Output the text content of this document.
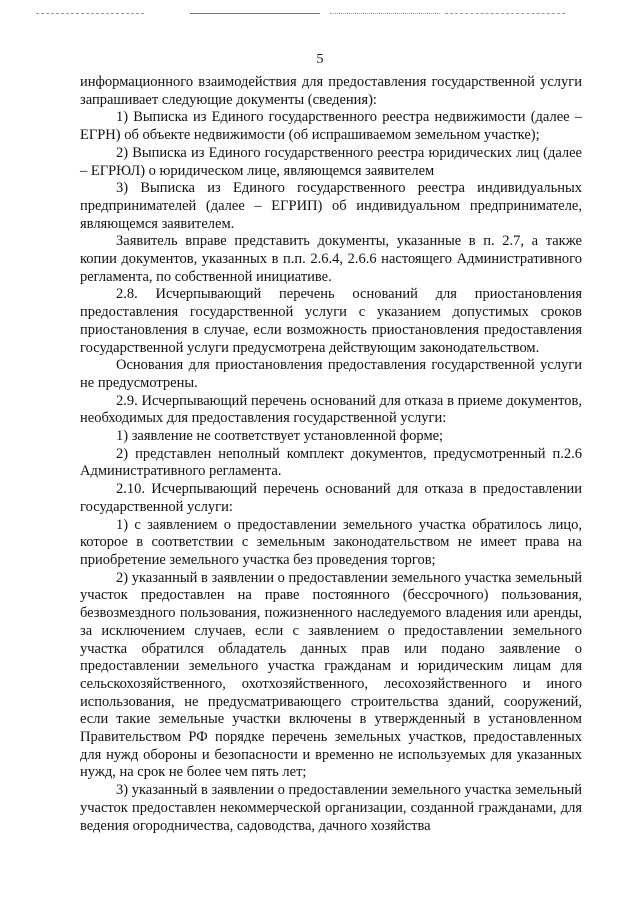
5

информационного взаимодействия для предоставления государственной услуги запрашивает следующие документы (сведения):

1) Выписка из Единого государственного реестра недвижимости (далее – ЕГРН) об объекте недвижимости (об испрашиваемом земельном участке);

2) Выписка из Единого государственного реестра юридических лиц (далее – ЕГРЮЛ) о юридическом лице, являющемся заявителем

3) Выписка из Единого государственного реестра индивидуальных предпринимателей (далее – ЕГРИП) об индивидуальном предпринимателе, являющемся заявителем.

Заявитель вправе представить документы, указанные в п. 2.7, а также копии документов, указанных в п.п. 2.6.4, 2.6.6 настоящего Административного регламента, по собственной инициативе.

2.8. Исчерпывающий перечень оснований для приостановления предоставления государственной услуги с указанием допустимых сроков приостановления в случае, если возможность приостановления предоставления государственной услуги предусмотрена действующим законодательством.

Основания для приостановления предоставления государственной услуги не предусмотрены.

2.9. Исчерпывающий перечень оснований для отказа в приеме документов, необходимых для предоставления государственной услуги:

1) заявление не соответствует установленной форме;

2) представлен неполный комплект документов, предусмотренный п.2.6 Административного регламента.

2.10. Исчерпывающий перечень оснований для отказа в предоставлении государственной услуги:

1) с заявлением о предоставлении земельного участка обратилось лицо, которое в соответствии с земельным законодательством не имеет права на приобретение земельного участка без проведения торгов;

2) указанный в заявлении о предоставлении земельного участка земельный участок предоставлен на праве постоянного (бессрочного) пользования, безвозмездного пользования, пожизненного наследуемого владения или аренды, за исключением случаев, если с заявлением о предоставлении земельного участка обратился обладатель данных прав или подано заявление о предоставлении земельного участка гражданам и юридическим лицам для сельскохозяйственного, охотхозяйственного, лесохозяйственного и иного использования, не предусматривающего строительства зданий, сооружений, если такие земельные участки включены в утвержденный в установленном Правительством РФ порядке перечень земельных участков, предоставленных для нужд обороны и безопасности и временно не используемых для указанных нужд, на срок не более чем пять лет;

3) указанный в заявлении о предоставлении земельного участка земельный участок предоставлен некоммерческой организации, созданной гражданами, для ведения огородничества, садоводства, дачного хозяйства
